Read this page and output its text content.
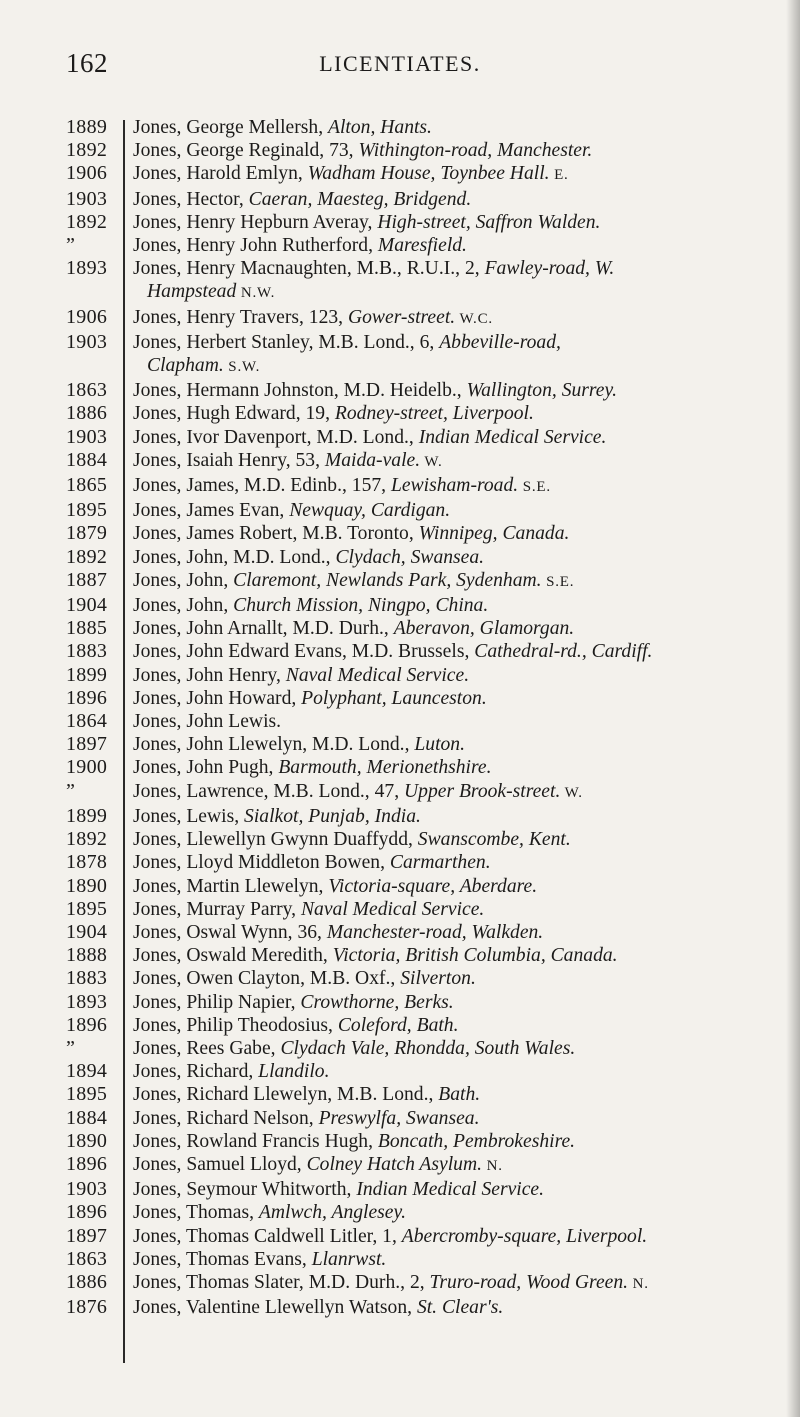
162	LICENTIATES.
1889	Jones, George Mellersh, Alton, Hants.
1892	Jones, George Reginald, 73, Withington-road, Manchester.
1906	Jones, Harold Emlyn, Wadham House, Toynbee Hall. E.
1903	Jones, Hector, Caeran, Maesteg, Bridgend.
1892	Jones, Henry Hepburn Averay, High-street, Saffron Walden.
”	Jones, Henry John Rutherford, Maresfield.
1893	Jones, Henry Macnaughten, M.B., R.U.I., 2, Fawley-road, W.
Hampstead N.W.
1906	Jones, Henry Travers, 123, Gower-street. W.C.
1903	Jones, Herbert Stanley, M.B. Lond., 6, Abbeville-road,
Clapham. S.W.
1863	Jones, Hermann Johnston, M.D. Heidelb., Wallington, Surrey.
1886	Jones, Hugh Edward, 19, Rodney-street, Liverpool.
1903	Jones, Ivor Davenport, M.D. Lond., Indian Medical Service.
1884	Jones, Isaiah Henry, 53, Maida-vale. W.
1865	Jones, James, M.D. Edinb., 157, Lewisham-road. S.E.
1895	Jones, James Evan, Newquay, Cardigan.
1879	Jones, James Robert, M.B. Toronto, Winnipeg, Canada.
1892	Jones, John, M.D. Lond., Clydach, Swansea.
1887	Jones, John, Claremont, Newlands Park, Sydenham. S.E.
1904	Jones, John, Church Mission, Ningpo, China.
1885	Jones, John Arnallt, M.D. Durh., Aberavon, Glamorgan.
1883	Jones, John Edward Evans, M.D. Brussels, Cathedral-rd., Cardiff.
1899	Jones, John Henry, Naval Medical Service.
1896	Jones, John Howard, Polyphant, Launceston.
1864	Jones, John Lewis.
1897	Jones, John Llewelyn, M.D. Lond., Luton.
1900	Jones, John Pugh, Barmouth, Merionethshire.
”	Jones, Lawrence, M.B. Lond., 47, Upper Brook-street. W.
1899	Jones, Lewis, Sialkot, Punjab, India.
1892	Jones, Llewellyn Gwynn Duaffydd, Swanscombe, Kent.
1878	Jones, Lloyd Middleton Bowen, Carmarthen.
1890	Jones, Martin Llewelyn, Victoria-square, Aberdare.
1895	Jones, Murray Parry, Naval Medical Service.
1904	Jones, Oswal Wynn, 36, Manchester-road, Walkden.
1888	Jones, Oswald Meredith, Victoria, British Columbia, Canada.
1883	Jones, Owen Clayton, M.B. Oxf., Silverton.
1893	Jones, Philip Napier, Crowthorne, Berks.
1896	Jones, Philip Theodosius, Coleford, Bath.
”	Jones, Rees Gabe, Clydach Vale, Rhondda, South Wales.
1894	Jones, Richard, Llandilo.
1895	Jones, Richard Llewelyn, M.B. Lond., Bath.
1884	Jones, Richard Nelson, Preswylfa, Swansea.
1890	Jones, Rowland Francis Hugh, Boncath, Pembrokeshire.
1896	Jones, Samuel Lloyd, Colney Hatch Asylum. N.
1903	Jones, Seymour Whitworth, Indian Medical Service.
1896	Jones, Thomas, Amlwch, Anglesey.
1897	Jones, Thomas Caldwell Litler, 1, Abercromby-square, Liverpool.
1863	Jones, Thomas Evans, Llanrwst.
1886	Jones, Thomas Slater, M.D. Durh., 2, Truro-road, Wood Green. N.
1876	Jones, Valentine Llewellyn Watson, St. Clear's.
